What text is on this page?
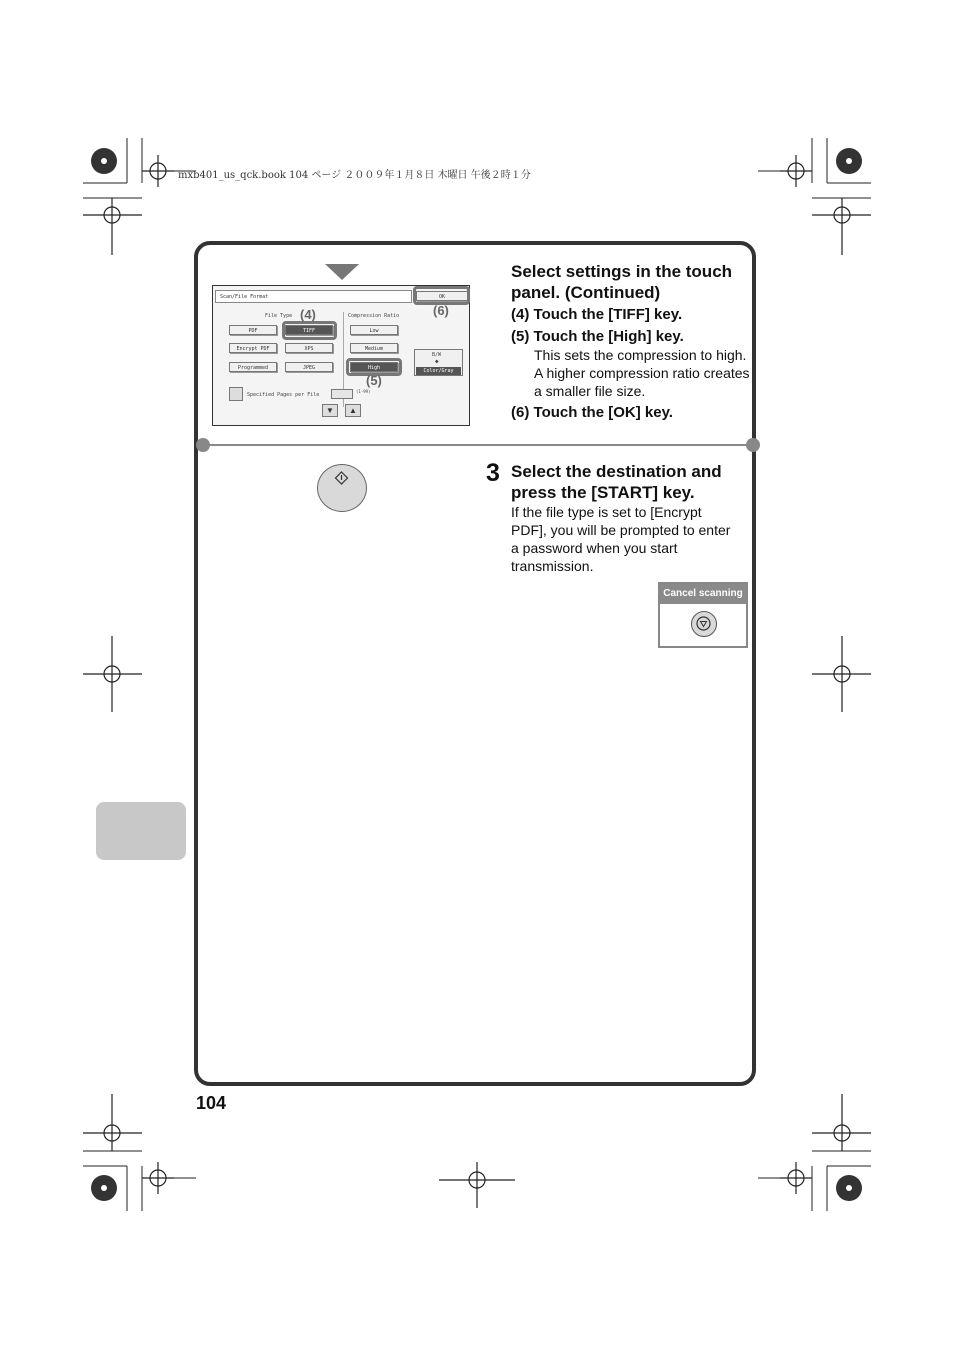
mxb401_us_qck.book 104 ページ ２００９年１月８日 木曜日 午後２時１分
Scan/File Format	OK
File Type	Compression Ratio
PDF	TIFF
Encrypt PDF	XPS
Programmed	JPEG
Low
Medium
High
B/W
◆
Color/Gray
Specified Pages per File
(1-99)
▼	▲
(4)
(5)
(6)
Select settings in the touch panel. (Continued)
(4) Touch the [TIFF] key.
(5) Touch the [High] key.
This sets the compression to high.
A higher compression ratio creates
a smaller file size.
(6) Touch the [OK] key.
3 Select the destination and
press the [START] key.
If the file type is set to [Encrypt
PDF], you will be prompted to enter
a password when you start
transmission.
Cancel scanning
104
